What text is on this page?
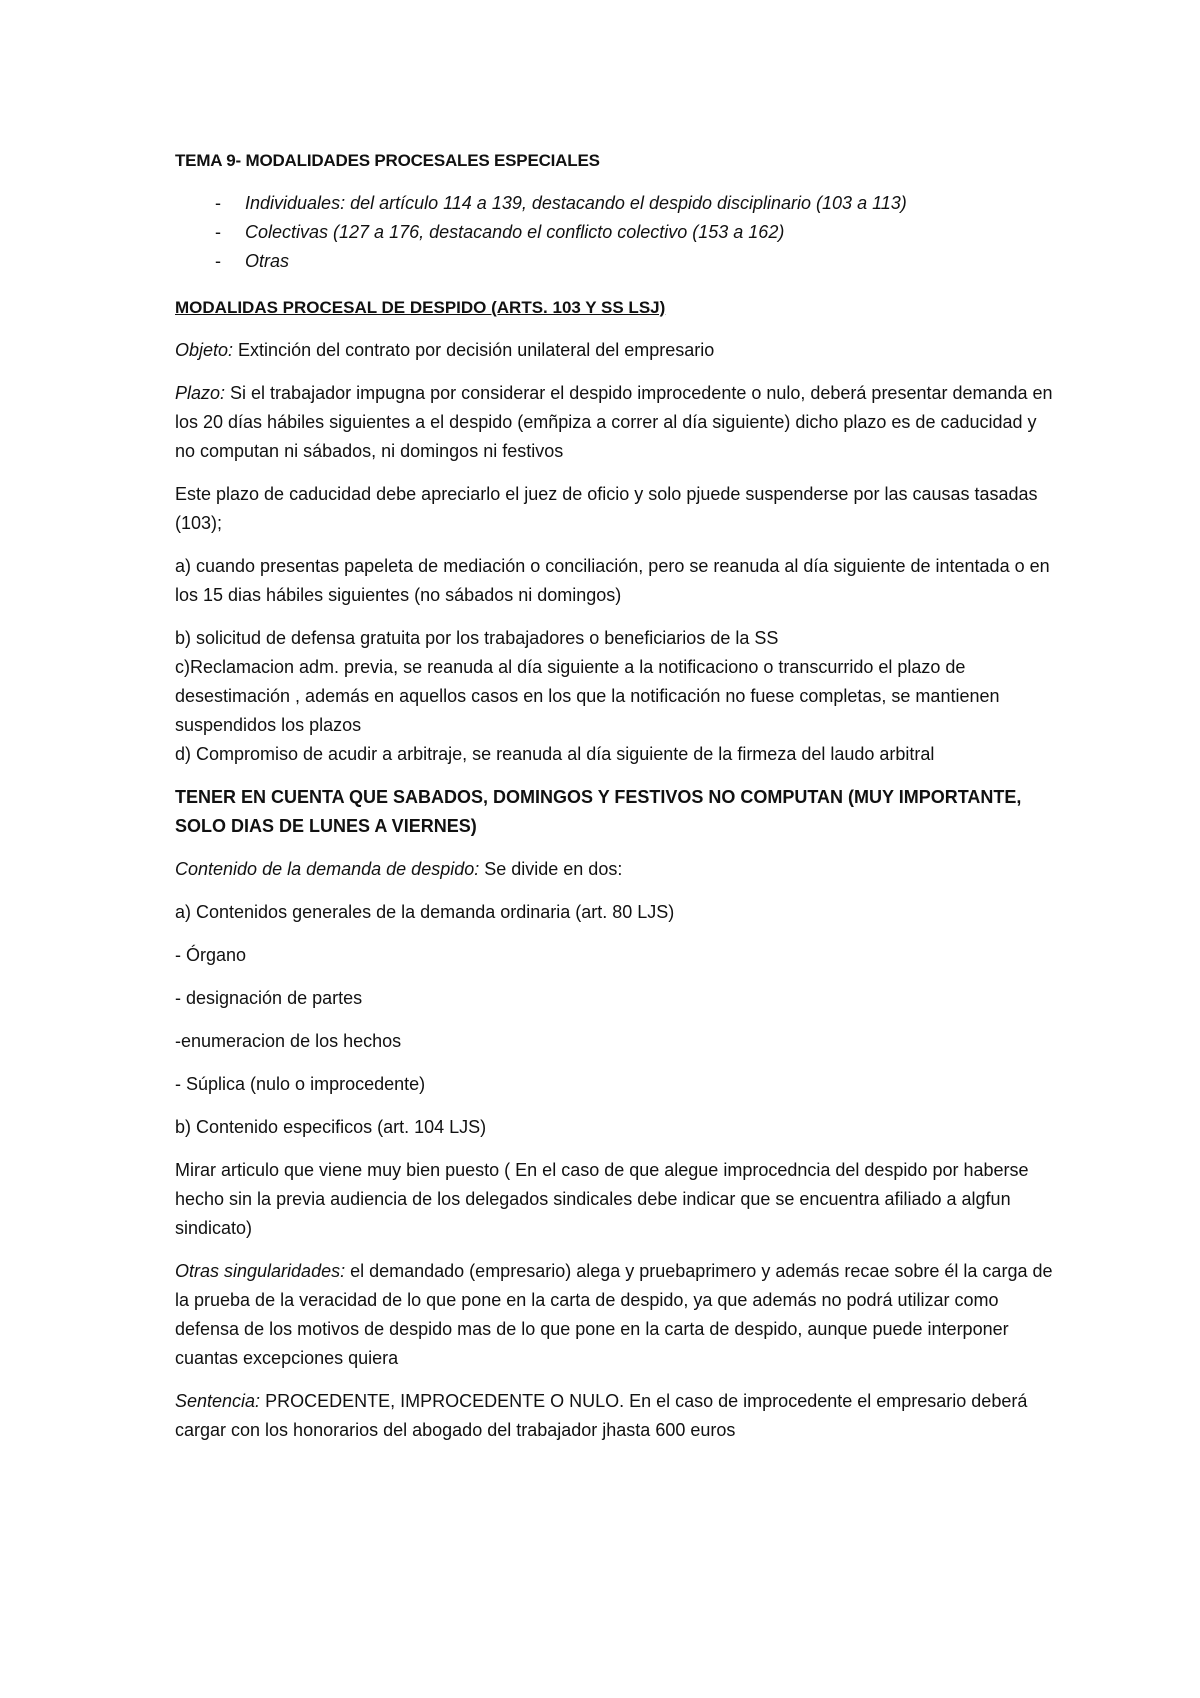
TEMA 9- MODALIDADES PROCESALES ESPECIALES
- Individuales: del artículo 114 a 139, destacando el despido disciplinario (103 a 113)
- Colectivas (127 a 176, destacando el conflicto colectivo (153 a 162)
- Otras
MODALIDAS PROCESAL DE DESPIDO (ARTS. 103 Y SS LSJ)

Objeto: Extinción del contrato por decisión unilateral del empresario

Plazo: Si el trabajador impugna por considerar el despido improcedente o nulo, deberá presentar demanda en los 20 días hábiles siguientes a el despido (emñpiza a correr al día siguiente) dicho plazo es de caducidad y no computan ni sábados, ni domingos ni festivos

Este plazo de caducidad debe apreciarlo el juez de oficio y solo pjuede suspenderse por las causas tasadas (103);

a) cuando presentas papeleta de mediación o conciliación, pero se reanuda al día siguiente de intentada o en los 15 dias hábiles siguientes (no sábados ni domingos)

b) solicitud de defensa gratuita por los trabajadores o beneficiarios de la SS

c)Reclamacion adm. previa, se reanuda al día siguiente a la notificaciono o transcurrido el plazo de desestimación , además en aquellos casos en los que la notificación no fuese completas, se mantienen suspendidos los plazos

d) Compromiso de acudir a arbitraje, se reanuda al día siguiente de la firmeza del laudo arbitral

TENER EN CUENTA QUE SABADOS, DOMINGOS Y FESTIVOS NO COMPUTAN (MUY IMPORTANTE, SOLO DIAS DE LUNES A VIERNES)

Contenido de la demanda de despido: Se divide en dos:

a) Contenidos generales de la demanda ordinaria (art. 80 LJS)

- Órgano

- designación de partes

-enumeracion de los hechos

- Súplica (nulo o improcedente)

b) Contenido especificos (art. 104 LJS)

Mirar articulo que viene muy bien puesto ( En el caso de que alegue improcedncia del despido por haberse hecho sin la previa audiencia de los delegados sindicales debe indicar que se encuentra afiliado a algfun sindicato)

Otras singularidades: el demandado (empresario) alega y pruebaprimero y además recae sobre él la carga de la prueba de la veracidad de lo que pone en la carta de despido, ya que además no podrá utilizar como defensa de los motivos de despido mas de lo que pone en la carta de despido, aunque puede interponer cuantas excepciones quiera

Sentencia: PROCEDENTE, IMPROCEDENTE O NULO. En el caso de improcedente el empresario deberá cargar con los honorarios del abogado del trabajador jhasta 600 euros
